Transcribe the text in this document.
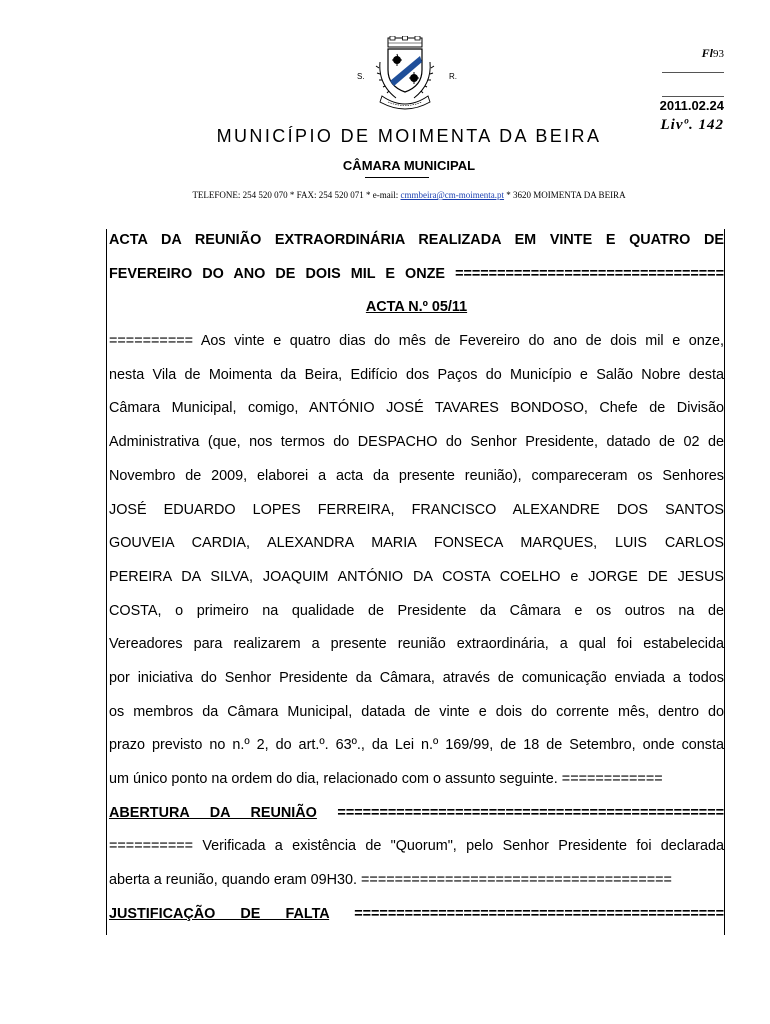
S.	R.
Fl93
2011.02.24
Livº. 142
MUNICÍPIO DE MOIMENTA DA BEIRA
CÂMARA MUNICIPAL
TELEFONE: 254 520 070 * FAX: 254 520 071 * e-mail: cmmbeira@cm-moimenta.pt * 3620 MOIMENTA DA BEIRA
ACTA DA REUNIÃO EXTRAORDINÁRIA REALIZADA EM VINTE E QUATRO DE
FEVEREIRO DO ANO DE DOIS MIL E ONZE ================================
ACTA N.º 05/11
========== Aos vinte e quatro dias do mês de Fevereiro do ano de dois mil e onze,
nesta Vila de Moimenta da Beira, Edifício dos Paços do Município e Salão Nobre desta
Câmara Municipal, comigo, ANTÓNIO JOSÉ TAVARES BONDOSO, Chefe de Divisão
Administrativa (que, nos termos do DESPACHO do Senhor Presidente, datado de 02 de
Novembro de 2009, elaborei a acta da presente reunião), compareceram os Senhores
JOSÉ EDUARDO LOPES FERREIRA, FRANCISCO ALEXANDRE DOS SANTOS
GOUVEIA CARDIA, ALEXANDRA MARIA FONSECA MARQUES, LUIS CARLOS
PEREIRA DA SILVA, JOAQUIM ANTÓNIO DA COSTA COELHO e JORGE DE JESUS
COSTA, o primeiro na qualidade de Presidente da Câmara e os outros na de
Vereadores para realizarem a presente reunião extraordinária, a qual foi estabelecida
por iniciativa do Senhor Presidente da Câmara, através de comunicação enviada a todos
os membros da Câmara Municipal, datada de vinte e dois do corrente mês, dentro do
prazo previsto no n.º 2, do art.º. 63º., da Lei n.º 169/99, de 18 de Setembro, onde consta
um único ponto na ordem do dia, relacionado com o assunto seguinte. ============
ABERTURA DA REUNIÃO ==============================================
========== Verificada a existência de "Quorum", pelo Senhor Presidente foi declarada
aberta a reunião, quando eram 09H30. =====================================
JUSTIFICAÇÃO DE FALTA ============================================
